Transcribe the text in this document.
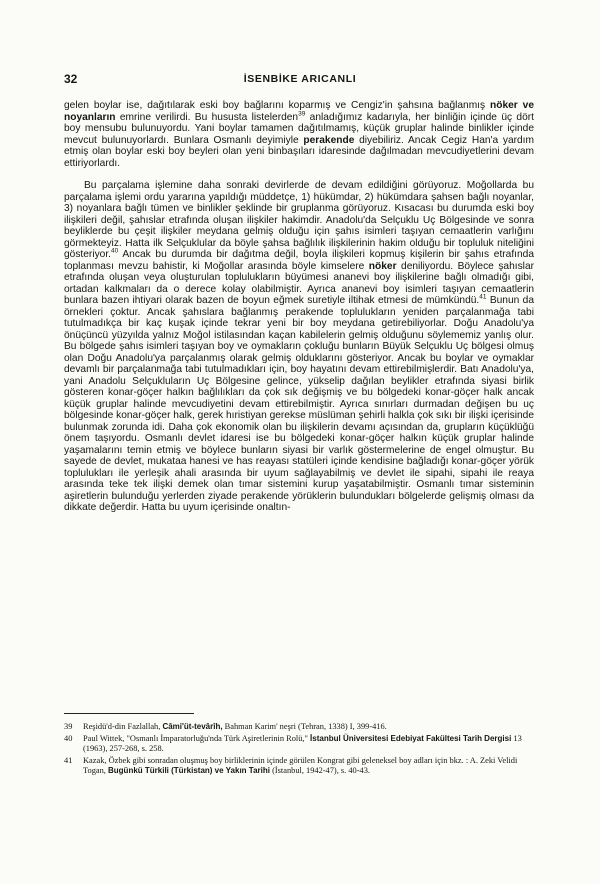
32	İSENBİKE ARICANLI

gelen boylar ise, dağıtılarak eski boy bağlarını koparmış ve Cengiz'in şahsına bağlanmış nöker ve noyanların emrine verilirdi. Bu hususta listelerden$^{39}$ anladığımız kadarıyla, her binliğin içinde üç dört boy mensubu bulunuyordu. Yani boylar tamamen dağıtılmamış, küçük gruplar halinde binlikler içinde mevcut bulunuyorlardı. Bunlara Osmanlı deyimiyle perakende diyebiliriz. Ancak Cegiz Han'a yardım etmiş olan boylar eski boy beyleri olan yeni binbaşıları idaresinde dağılmadan mevcudiyetlerini devam ettiriyorlardı.

Bu parçalama işlemine daha sonraki devirlerde de devam edildiğini görüyoruz. Moğollarda bu parçalama işlemi ordu yararına yapıldığı müddetçe, 1) hükümdar, 2) hükümdara şahsen bağlı noyanlar, 3) noyanlara bağlı tümen ve binlikler şeklinde bir gruplanma görüyoruz. Kısacası bu durumda eski boy ilişkileri değil, şahıslar etrafında oluşan ilişkiler hakimdir. Anadolu'da Selçuklu Uç Bölgesinde ve sonra beyliklerde bu çeşit ilişkiler meydana gelmiş olduğu için şahıs isimleri taşıyan cemaatlerin varlığını görmekteyiz. Hatta ilk Selçuklular da böyle şahsa bağlılık ilişkilerinin hakim olduğu bir topluluk niteliğini gösteriyor.$^{40}$ Ancak bu durumda bir dağıtma değil, boyla ilişkileri kopmuş kişilerin bir şahıs etrafında toplanması mevzu bahistir, ki Moğollar arasında böyle kimselere nöker deniliyordu. Böylece şahıslar etrafında oluşan veya oluşturulan toplulukların büyümesi ananevi boy ilişkilerine bağlı olmadığı gibi, ortadan kalkmaları da o derece kolay olabilmiştir. Ayrıca ananevi boy isimleri taşıyan cemaatlerin bunlara bazen ihtiyari olarak bazen de boyun eğmek suretiyle iltihak etmesi de mümkündü.$^{41}$ Bunun da örnekleri çoktur. Ancak şahıslara bağlanmış perakende toplulukların yeniden parçalanmağa tabi tutulmadıkça bir kaç kuşak içinde tekrar yeni bir boy meydana getirebiliyorlar. Doğu Anadolu'ya önüçüncü yüzyılda yalnız Moğol istilasından kaçan kabilelerin gelmiş olduğunu söylememiz yanlış olur. Bu bölgede şahıs isimleri taşıyan boy ve oymakların çokluğu bunların Büyük Selçuklu Uç bölgesi olmuş olan Doğu Anadolu'ya parçalanmış olarak gelmiş olduklarını gösteriyor. Ancak bu boylar ve oymaklar devamlı bir parçalanmağa tabi tutulmadıkları için, boy hayatını devam ettirebilmişlerdir. Batı Anadolu'ya, yani Anadolu Selçukluların Uç Bölgesine gelince, yükselip dağılan beylikler etrafında siyasi birlik gösteren konar-göçer halkın bağlılıkları da çok sık değişmiş ve bu bölgedeki konar-göçer halk ancak küçük gruplar halinde mevcudiyetini devam ettirebilmiştir. Ayrıca sınırları durmadan değişen bu uç bölgesinde konar-göçer halk, gerek hıristiyan gerekse müslüman şehirli halkla çok sıkı bir ilişki içerisinde bulunmak zorunda idi. Daha çok ekonomik olan bu ilişkilerin devamı açısından da, grupların küçüklüğü önem taşıyordu. Osmanlı devlet idaresi ise bu bölgedeki konar-göçer halkın küçük gruplar halinde yaşamalarını temin etmiş ve böylece bunların siyasi bir varlık göstermelerine de engel olmuştur. Bu sayede de devlet, mukataa hanesi ve has reayası statüleri içinde kendisine bağladığı konar-göçer yörük toplulukları ile yerleşik ahali arasında bir uyum sağlayabilmiş ve devlet ile sipahi, sipahi ile reaya arasında teke tek ilişki demek olan tımar sistemini kurup yaşatabilmiştir. Osmanlı tımar sisteminin aşiretlerin bulunduğu yerlerden ziyade perakende yörüklerin bulundukları bölgelerde gelişmiş olması da dikkate değerdir. Hatta bu uyum içerisinde onaltın-

39 Reşidü'd-din Fazlallah, Câmi'üt-tevârîh, Bahman Karim' neşri (Tehran, 1338) I, 399-416.
40 Paul Wittek, "Osmanlı İmparatorluğu'nda Türk Aşiretlerinin Rolü," İstanbul Üniversitesi Edebiyat Fakültesi Tarih Dergisi 13 (1963), 257-268, s. 258.
41 Kazak, Özbek gibi sonradan oluşmuş boy birliklerinin içinde görülen Kongrat gibi geleneksel boy adları için bkz. : A. Zeki Velidi Togan, Bugünkü Türkili (Türkistan) ve Yakın Tarihi (İstanbul, 1942-47), s. 40-43.
